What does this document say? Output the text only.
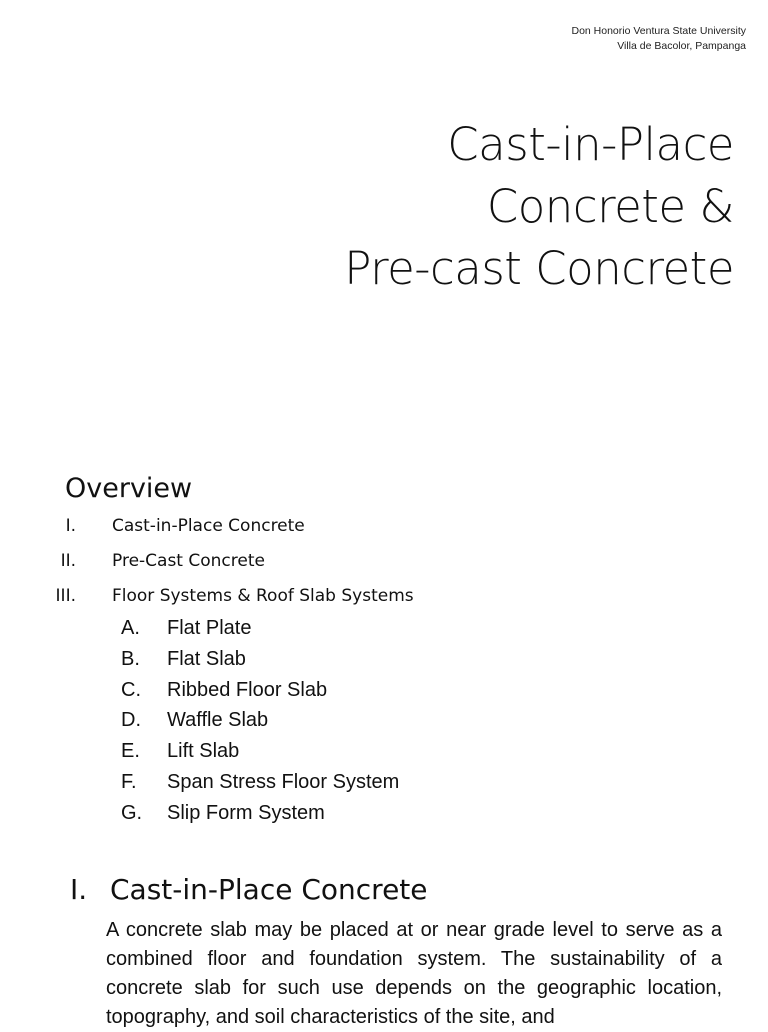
Don Honorio Ventura State University
Villa de Bacolor, Pampanga
Cast-in-Place
Concrete &
Pre-cast Concrete
Overview
I. Cast-in-Place Concrete
II. Pre-Cast Concrete
III. Floor Systems & Roof Slab Systems
A. Flat Plate
B. Flat Slab
C. Ribbed Floor Slab
D. Waffle Slab
E. Lift Slab
F. Span Stress Floor System
G. Slip Form System
I. Cast-in-Place Concrete
A concrete slab may be placed at or near grade level to serve as a combined floor and foundation system. The sustainability of a concrete slab for such use depends on the geographic location, topography, and soil characteristics of the site, and
